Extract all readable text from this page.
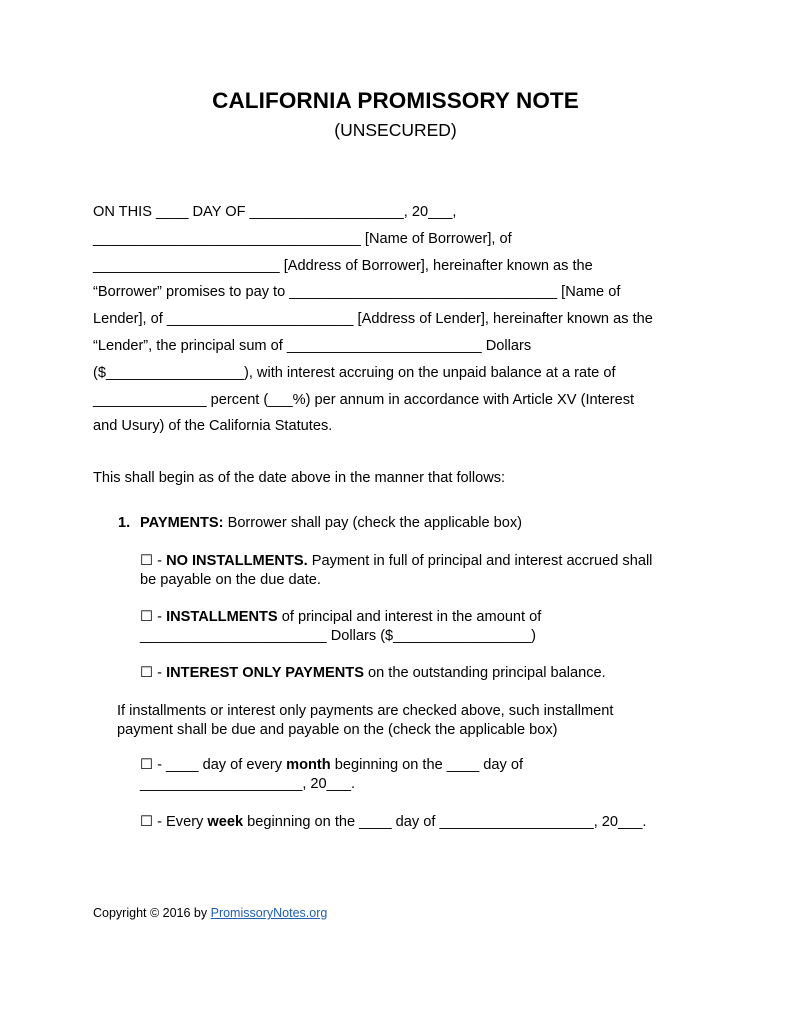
CALIFORNIA PROMISSORY NOTE
(UNSECURED)
ON THIS ____ DAY OF ___________________, 20___,
_________________________________ [Name of Borrower], of
_______________________ [Address of Borrower], hereinafter known as the
“Borrower” promises to pay to _________________________________ [Name of
Lender], of _______________________ [Address of Lender], hereinafter known as the
“Lender”, the principal sum of ________________________ Dollars
($_________________), with interest accruing on the unpaid balance at a rate of
______________ percent (___%) per annum in accordance with Article XV (Interest
and Usury) of the California Statutes.
This shall begin as of the date above in the manner that follows:
1. PAYMENTS: Borrower shall pay (check the applicable box)
☐ - NO INSTALLMENTS. Payment in full of principal and interest accrued shall
be payable on the due date.
☐ - INSTALLMENTS of principal and interest in the amount of
_______________________ Dollars ($_________________)
☐ - INTEREST ONLY PAYMENTS on the outstanding principal balance.
If installments or interest only payments are checked above, such installment
payment shall be due and payable on the (check the applicable box)
☐ - ____ day of every month beginning on the ____ day of
____________________, 20___.
☐ - Every week beginning on the ____ day of ___________________, 20___.
Copyright © 2016 by PromissoryNotes.org
